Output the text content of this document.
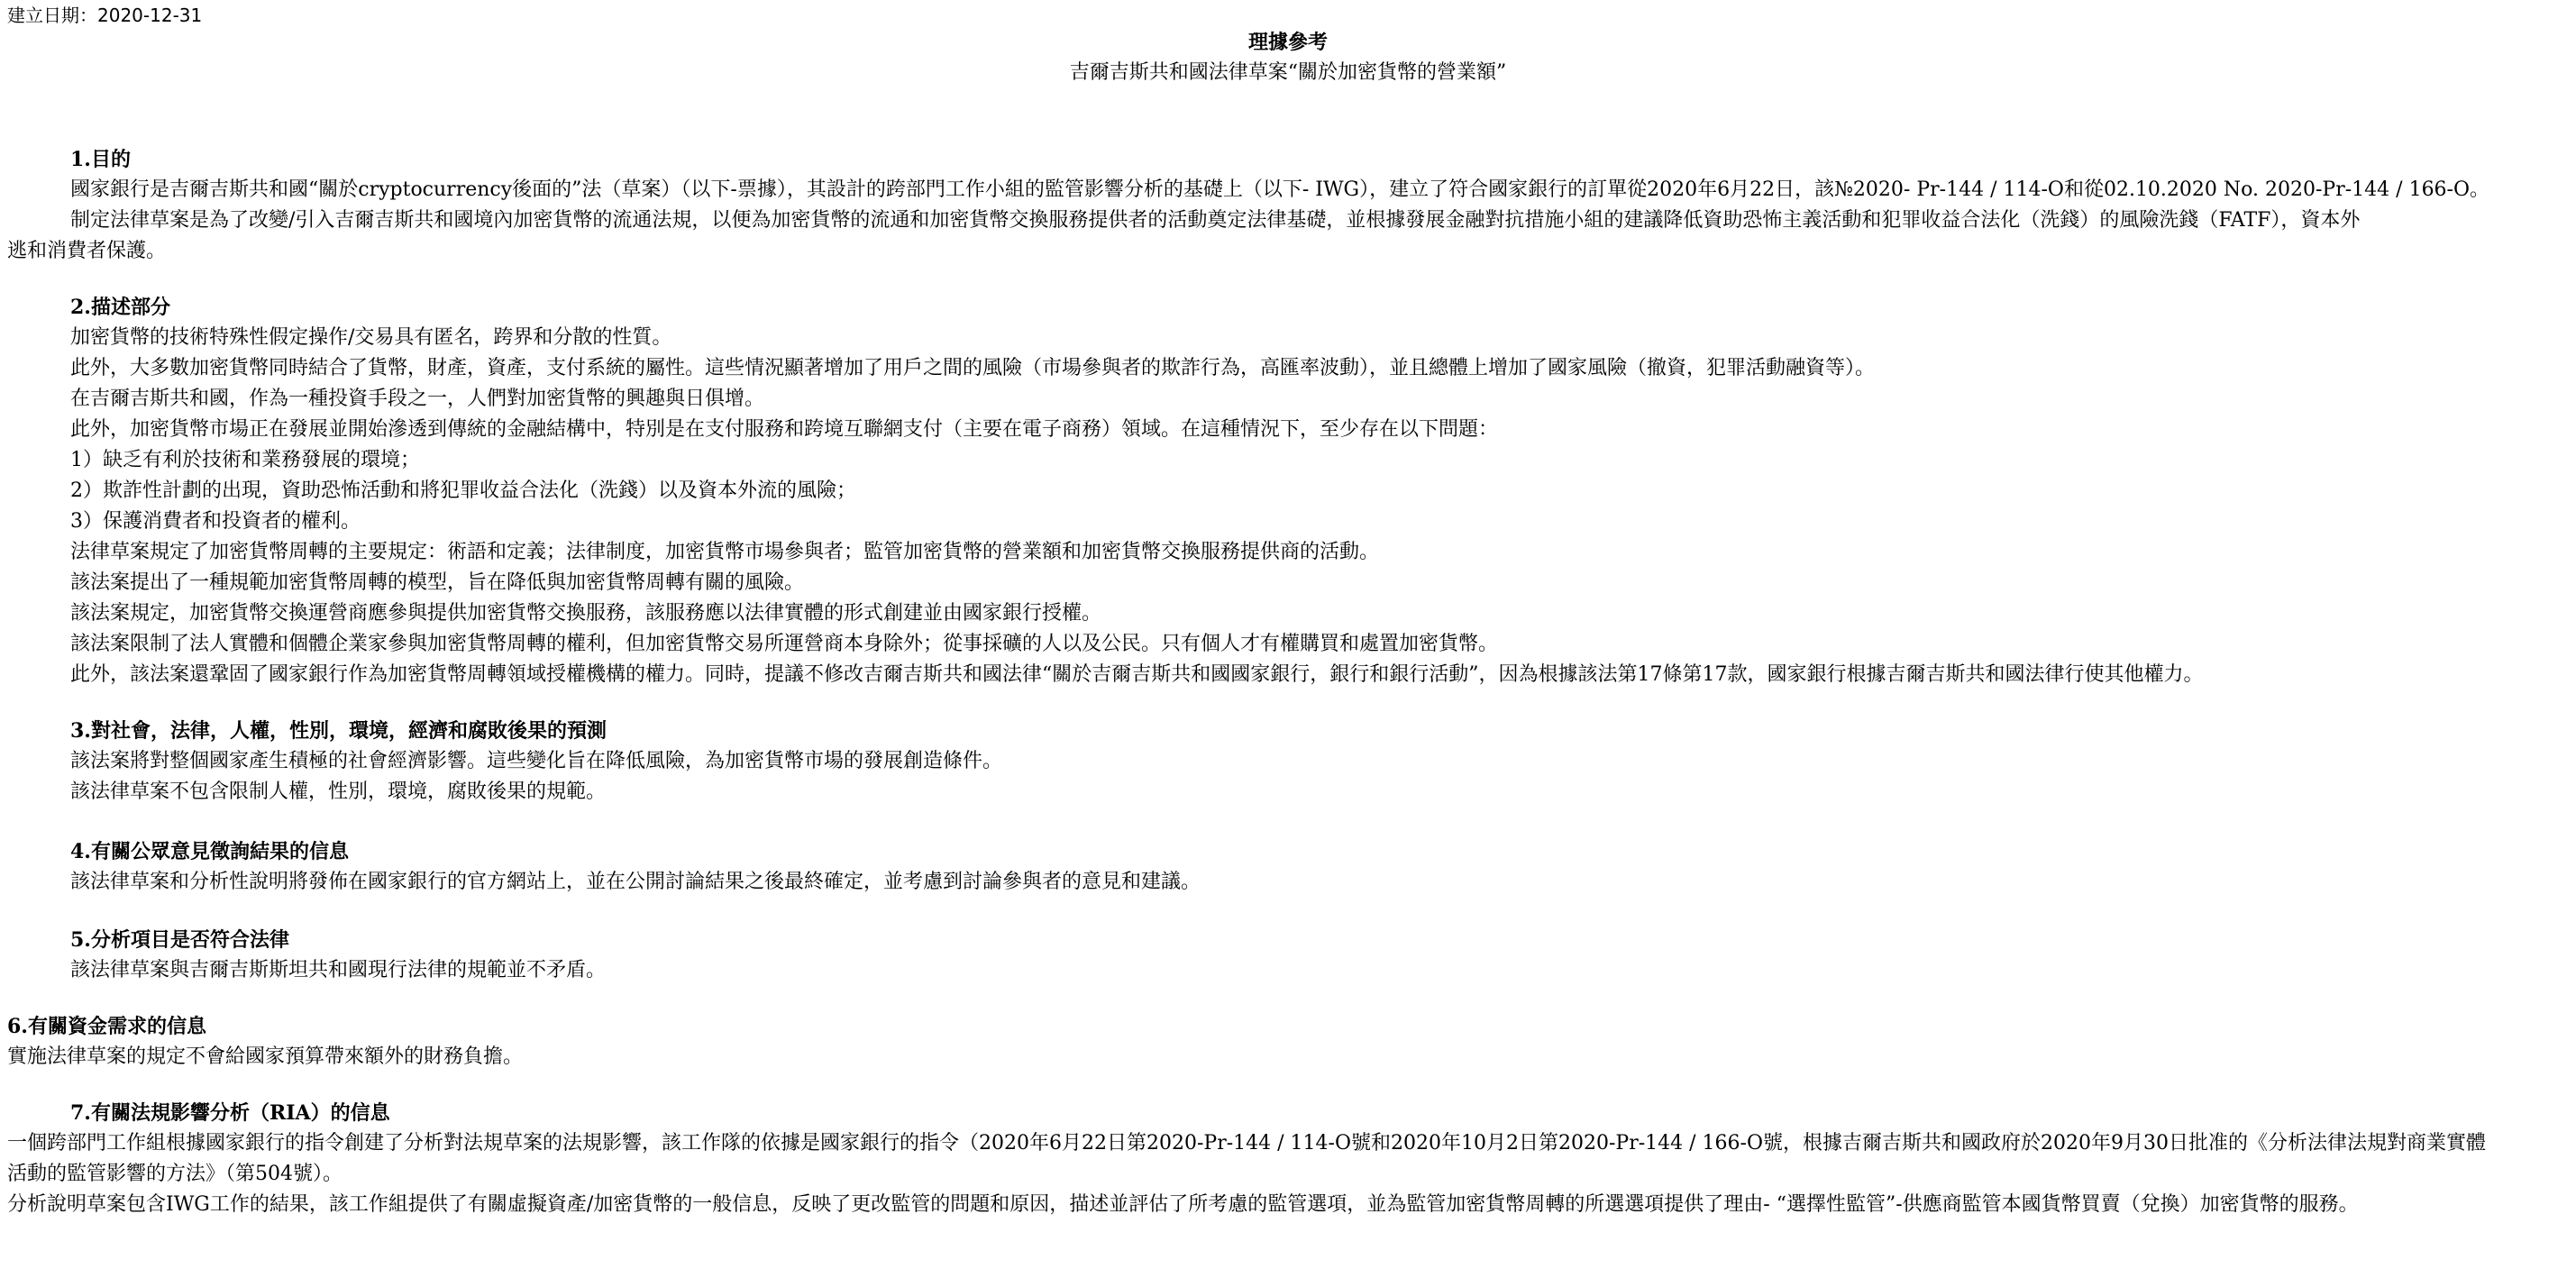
建立日期：2020-12-31
理據參考
吉爾吉斯共和國法律草案“關於加密貨幣的營業額”
1.目的
國家銀行是吉爾吉斯共和國“關於cryptocurrency後面的”法（草案）（以下-票據），其設計的跨部門工作小組的監管影響分析的基礎上（以下- IWG），建立了符合國家銀行的訂單從2020年6月22日，該№2020- Pr-144 / 114-O和從02.10.2020 No. 2020-Pr-144 / 166-O。
制定法律草案是為了改變/引入吉爾吉斯共和國境內加密貨幣的流通法規，以便為加密貨幣的流通和加密貨幣交換服務提供者的活動奠定法律基礎，並根據發展金融對抗措施小組的建議降低資助恐怖主義活動和犯罪收益合法化（洗錢）的風險洗錢（FATF），資本外
逃和消費者保護。
2.描述部分
加密貨幣的技術特殊性假定操作/交易具有匿名，跨界和分散的性質。
此外，大多數加密貨幣同時結合了貨幣，財產，資產，支付系統的屬性。這些情況顯著增加了用戶之間的風險（市場參與者的欺詐行為，高匯率波動），並且總體上增加了國家風險（撤資，犯罪活動融資等）。
在吉爾吉斯共和國，作為一種投資手段之一，人們對加密貨幣的興趣與日俱增。
此外，加密貨幣市場正在發展並開始滲透到傳統的金融結構中，特別是在支付服務和跨境互聯網支付（主要在電子商務）領域。在這種情況下，至少存在以下問題：
1）缺乏有利於技術和業務發展的環境；
2）欺詐性計劃的出現，資助恐怖活動和將犯罪收益合法化（洗錢）以及資本外流的風險；
3）保護消費者和投資者的權利。
法律草案規定了加密貨幣周轉的主要規定：術語和定義；法律制度，加密貨幣市場參與者；監管加密貨幣的營業額和加密貨幣交換服務提供商的活動。
該法案提出了一種規範加密貨幣周轉的模型，旨在降低與加密貨幣周轉有關的風險。
該法案規定，加密貨幣交換運營商應參與提供加密貨幣交換服務，該服務應以法律實體的形式創建並由國家銀行授權。
該法案限制了法人實體和個體企業家參與加密貨幣周轉的權利，但加密貨幣交易所運營商本身除外；從事採礦的人以及公民。只有個人才有權購買和處置加密貨幣。
此外，該法案還鞏固了國家銀行作為加密貨幣周轉領域授權機構的權力。同時，提議不修改吉爾吉斯共和國法律“關於吉爾吉斯共和國國家銀行，銀行和銀行活動”，因為根據該法第17條第17款，國家銀行根據吉爾吉斯共和國法律行使其他權力。
3.對社會，法律，人權，性別，環境，經濟和腐敗後果的預測
該法案將對整個國家產生積極的社會經濟影響。這些變化旨在降低風險，為加密貨幣市場的發展創造條件。
該法律草案不包含限制人權，性別，環境，腐敗後果的規範。
4.有關公眾意見徵詢結果的信息
該法律草案和分析性說明將發佈在國家銀行的官方網站上，並在公開討論結果之後最終確定，並考慮到討論參與者的意見和建議。
5.分析項目是否符合法律
該法律草案與吉爾吉斯斯坦共和國現行法律的規範並不矛盾。
6.有關資金需求的信息
實施法律草案的規定不會給國家預算帶來額外的財務負擔。
7.有關法規影響分析（RIA）的信息
一個跨部門工作組根據國家銀行的指令創建了分析對法規草案的法規影響，該工作隊的依據是國家銀行的指令（2020年6月22日第2020-Pr-144 / 114-O號和2020年10月2日第2020-Pr-144 / 166-O號，根據吉爾吉斯共和國政府於2020年9月30日批准的《分析法律法規對商業實體
活動的監管影響的方法》（第504號）。
分析說明草案包含IWG工作的結果，該工作組提供了有關虛擬資產/加密貨幣的一般信息，反映了更改監管的問題和原因，描述並評估了所考慮的監管選項，並為監管加密貨幣周轉的所選選項提供了理由- “選擇性監管”-供應商監管本國貨幣買賣（兌換）加密貨幣的服務。
